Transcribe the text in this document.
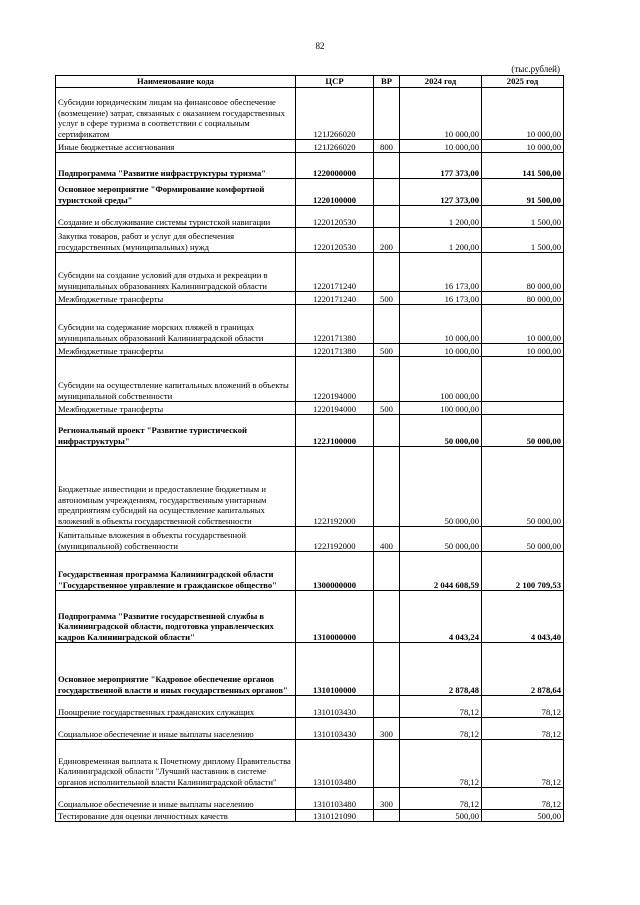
82
(тыс.рублей)
Наименование кода	ЦСР	ВР	2024 год	2025 год
Субсидии юридическим лицам на финансовое обеспечение (возмещение) затрат, связанных с оказанием государственных услуг в сфере туризма в соответствии с социальным сертификатом	121J266020		10 000,00	10 000,00
Иные бюджетные ассигнования	121J266020	800	10 000,00	10 000,00
Подпрограмма "Развитие инфраструктуры туризма"	1220000000		177 373,00	141 500,00
Основное мероприятие "Формирование комфортной туристской среды"	1220100000		127 373,00	91 500,00
Создание и обслуживание системы туристской навигации	1220120530		1 200,00	1 500,00
Закупка товаров, работ и услуг для обеспечения государственных (муниципальных) нужд	1220120530	200	1 200,00	1 500,00
Субсидии на создание условий для отдыха и рекреации в муниципальных образованиях Калининградской области	1220171240		16 173,00	80 000,00
Межбюджетные трансферты	1220171240	500	16 173,00	80 000,00
Субсидии на содержание морских пляжей в границах муниципальных образований Калининградской области	1220171380		10 000,00	10 000,00
Межбюджетные трансферты	1220171380	500	10 000,00	10 000,00
Субсидии на осуществление капитальных вложений в объекты муниципальной собственности	1220194000		100 000,00	
Межбюджетные трансферты	1220194000	500	100 000,00	
Региональный проект "Развитие туристической инфраструктуры"	122J100000		50 000,00	50 000,00
Бюджетные инвестиции и предоставление бюджетным и автономным учреждениям, государственным унитарным предприятиям субсидий на осуществление капитальных вложений в объекты государственной собственности	122J192000		50 000,00	50 000,00
Капитальные вложения в объекты государственной (муниципальной) собственности	122J192000	400	50 000,00	50 000,00
Государственная программа Калининградской области "Государственное управление и гражданское общество"	1300000000		2 044 608,59	2 100 709,53
Подпрограмма "Развитие государственной службы в Калининградской области, подготовка управленческих кадров Калининградской области"	1310000000		4 043,24	4 043,40
Основное мероприятие "Кадровое обеспечение органов государственной власти и иных государственных органов"	1310100000		2 878,48	2 878,64
Поощрение государственных гражданских служащих	1310103430		78,12	78,12
Социальное обеспечение и иные выплаты населению	1310103430	300	78,12	78,12
Единовременная выплата к Почетному диплому Правительства Калининградской области "Лучший наставник в системе органов исполнительной власти Калининградской области"	1310103480		78,12	78,12
Социальное обеспечение и иные выплаты населению	1310103480	300	78,12	78,12
Тестирование для оценки личностных качеств	1310121090		500,00	500,00
